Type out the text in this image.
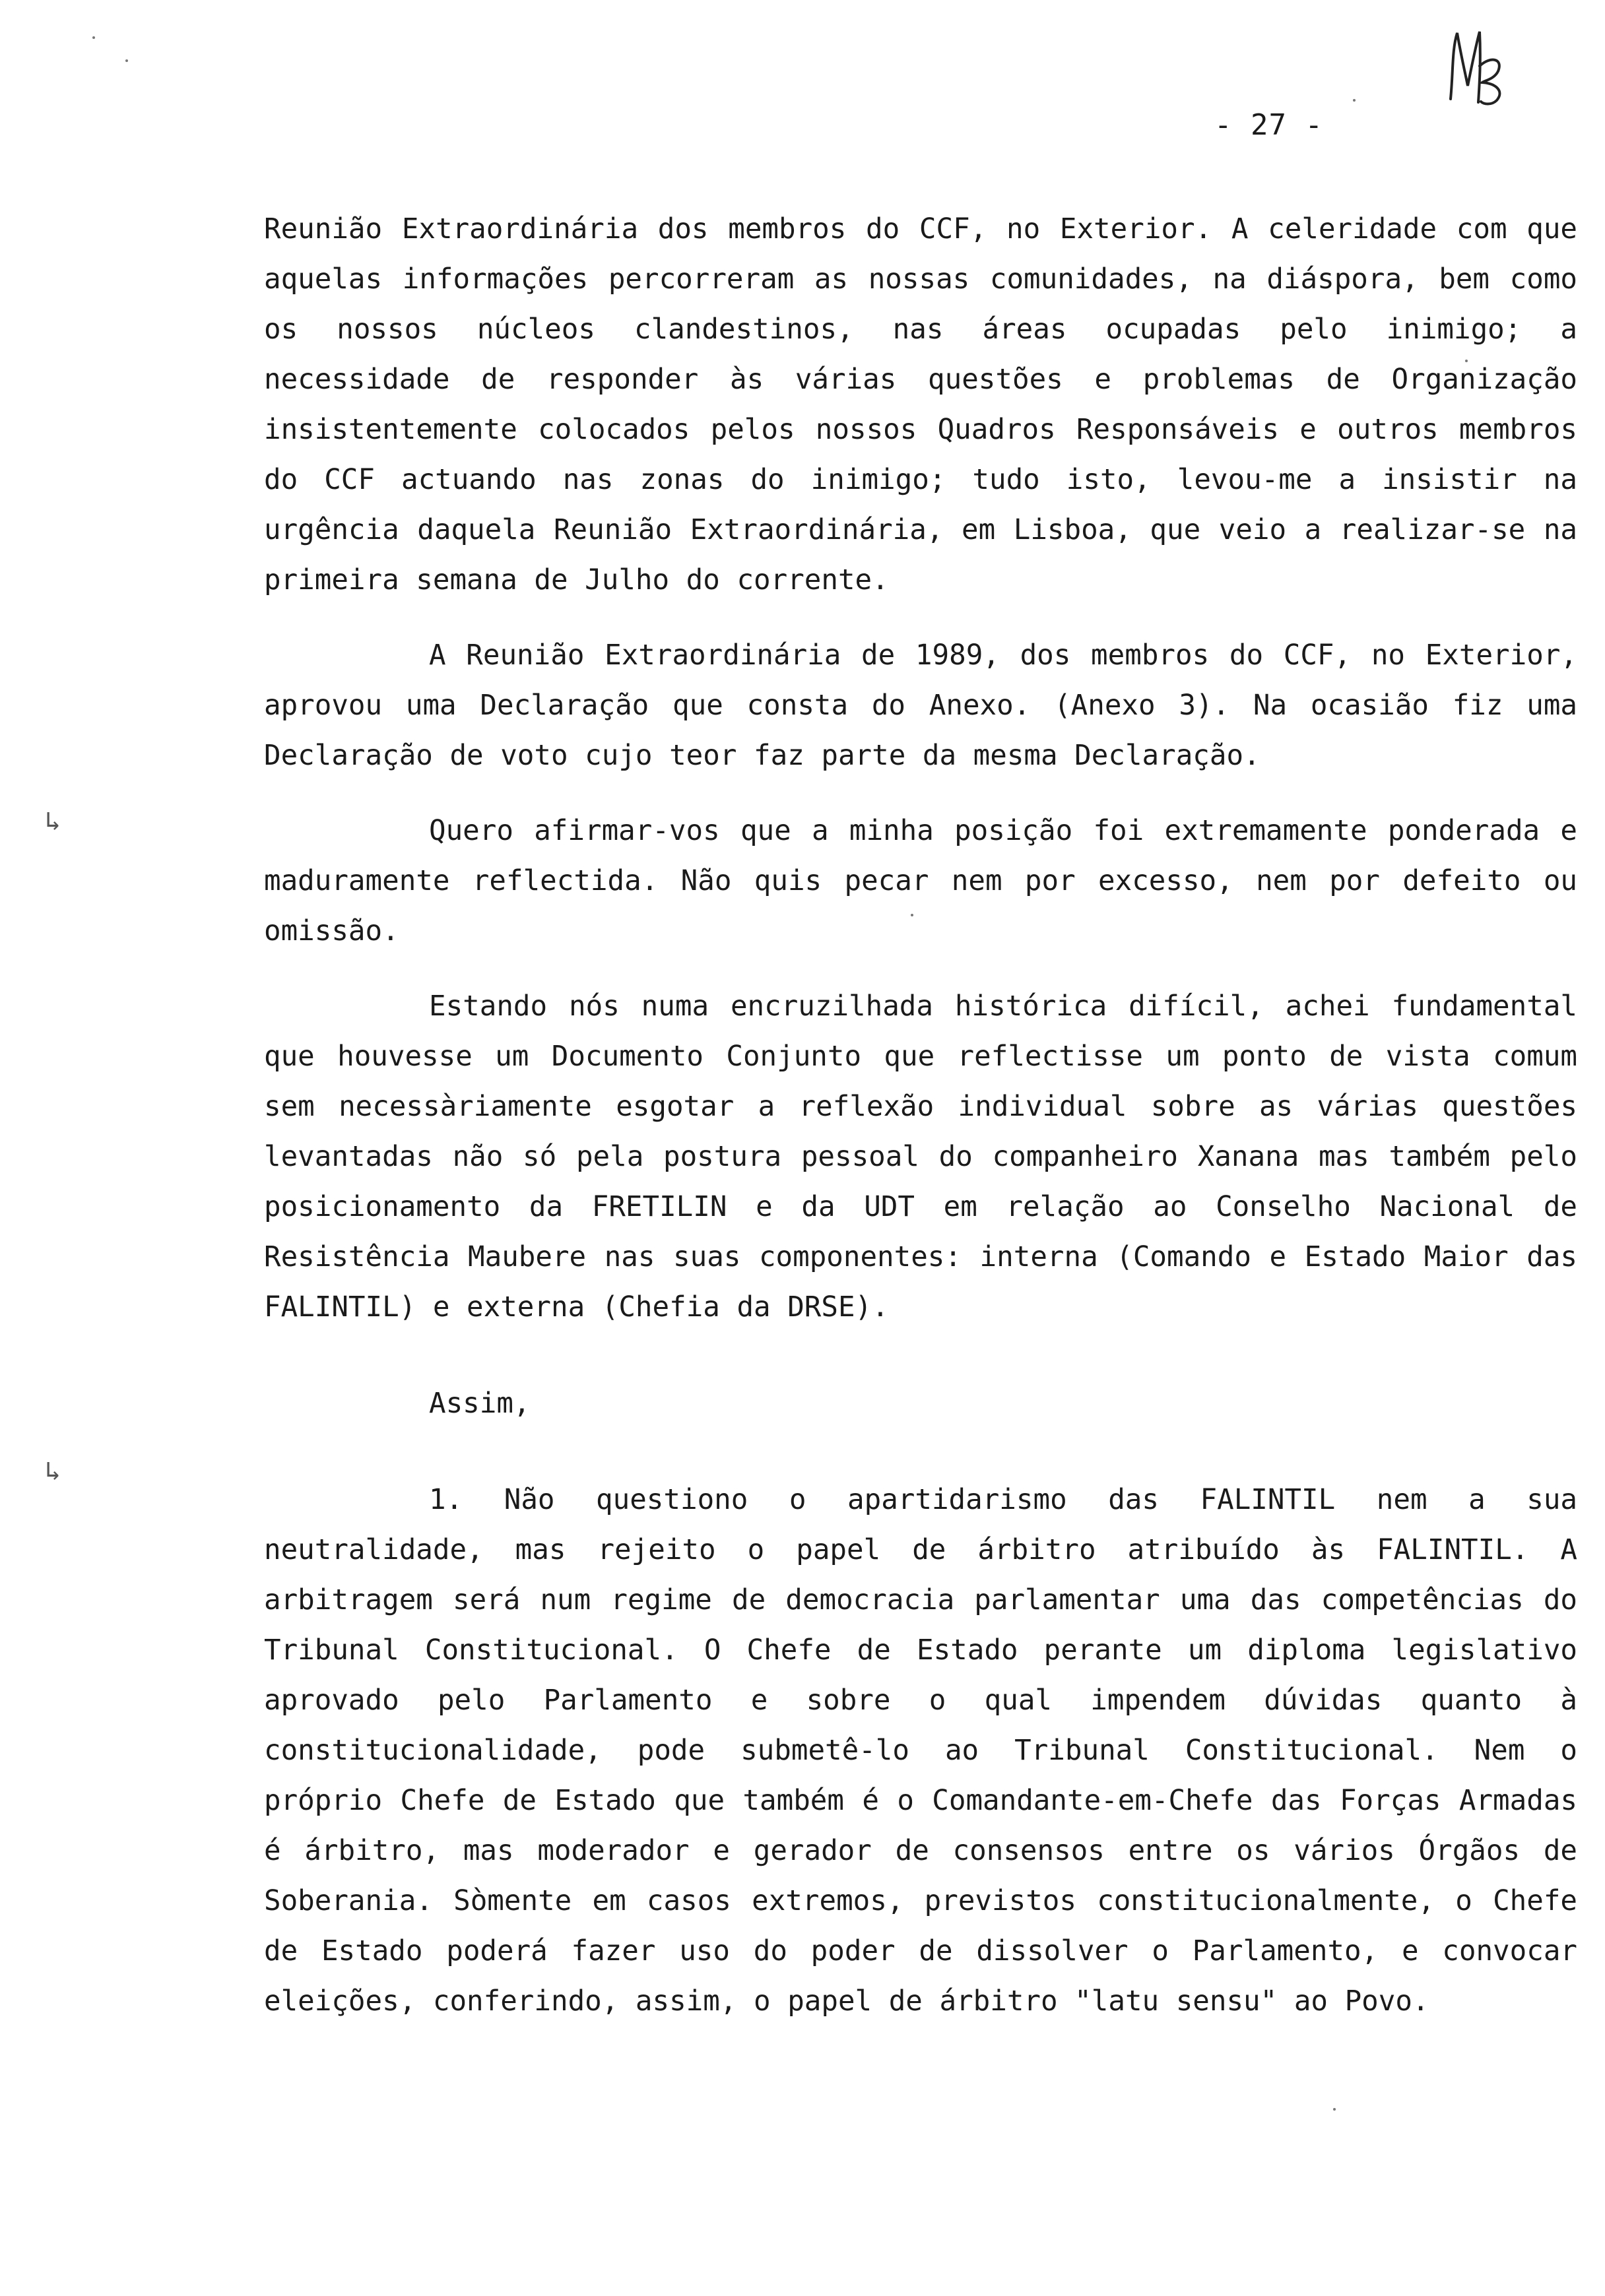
- 27 -

Reunião Extraordinária dos membros do CCF, no Exterior. A celeridade com que aquelas informações percorreram as nossas comunidades, na diáspora, bem como os nossos núcleos clandestinos, nas áreas ocupadas pelo inimigo; a necessidade de responder às várias questões e problemas de Organização insistentemente colocados pelos nossos Quadros Responsáveis e outros membros do CCF actuando nas zonas do inimigo; tudo isto, levou-me a insistir na urgência daquela Reunião Extraordinária, em Lisboa, que veio a realizar-se na primeira semana de Julho do corrente.

A Reunião Extraordinária de 1989, dos membros do CCF, no Exterior, aprovou uma Declaração que consta do Anexo. (Anexo 3). Na ocasião fiz uma Declaração de voto cujo teor faz parte da mesma Declaração.

Quero afirmar-vos que a minha posição foi extremamente ponderada e maduramente reflectida. Não quis pecar nem por excesso, nem por defeito ou omissão.

Estando nós numa encruzilhada histórica difícil, achei fundamental que houvesse um Documento Conjunto que reflectisse um ponto de vista comum sem necessàriamente esgotar a reflexão individual sobre as várias questões levantadas não só pela postura pessoal do companheiro Xanana mas também pelo posicionamento da FRETILIN e da UDT em relação ao Conselho Nacional de Resistência Maubere nas suas componentes: interna (Comando e Estado Maior das FALINTIL) e externa (Chefia da DRSE).

Assim,

1. Não questiono o apartidarismo das FALINTIL nem a sua neutralidade, mas rejeito o papel de árbitro atribuído às FALINTIL. A arbitragem será num regime de democracia parlamentar uma das competências do Tribunal Constitucional. O Chefe de Estado perante um diploma legislativo aprovado pelo Parlamento e sobre o qual impendem dúvidas quanto à constitucionalidade, pode submetê-lo ao Tribunal Constitucional. Nem o próprio Chefe de Estado que também é o Comandante-em-Chefe das Forças Armadas é árbitro, mas moderador e gerador de consensos entre os vários Órgãos de Soberania. Sòmente em casos extremos, previstos constitucionalmente, o Chefe de Estado poderá fazer uso do poder de dissolver o Parlamento, e convocar eleições, conferindo, assim, o papel de árbitro "latu sensu" ao Povo.

↳
↳
